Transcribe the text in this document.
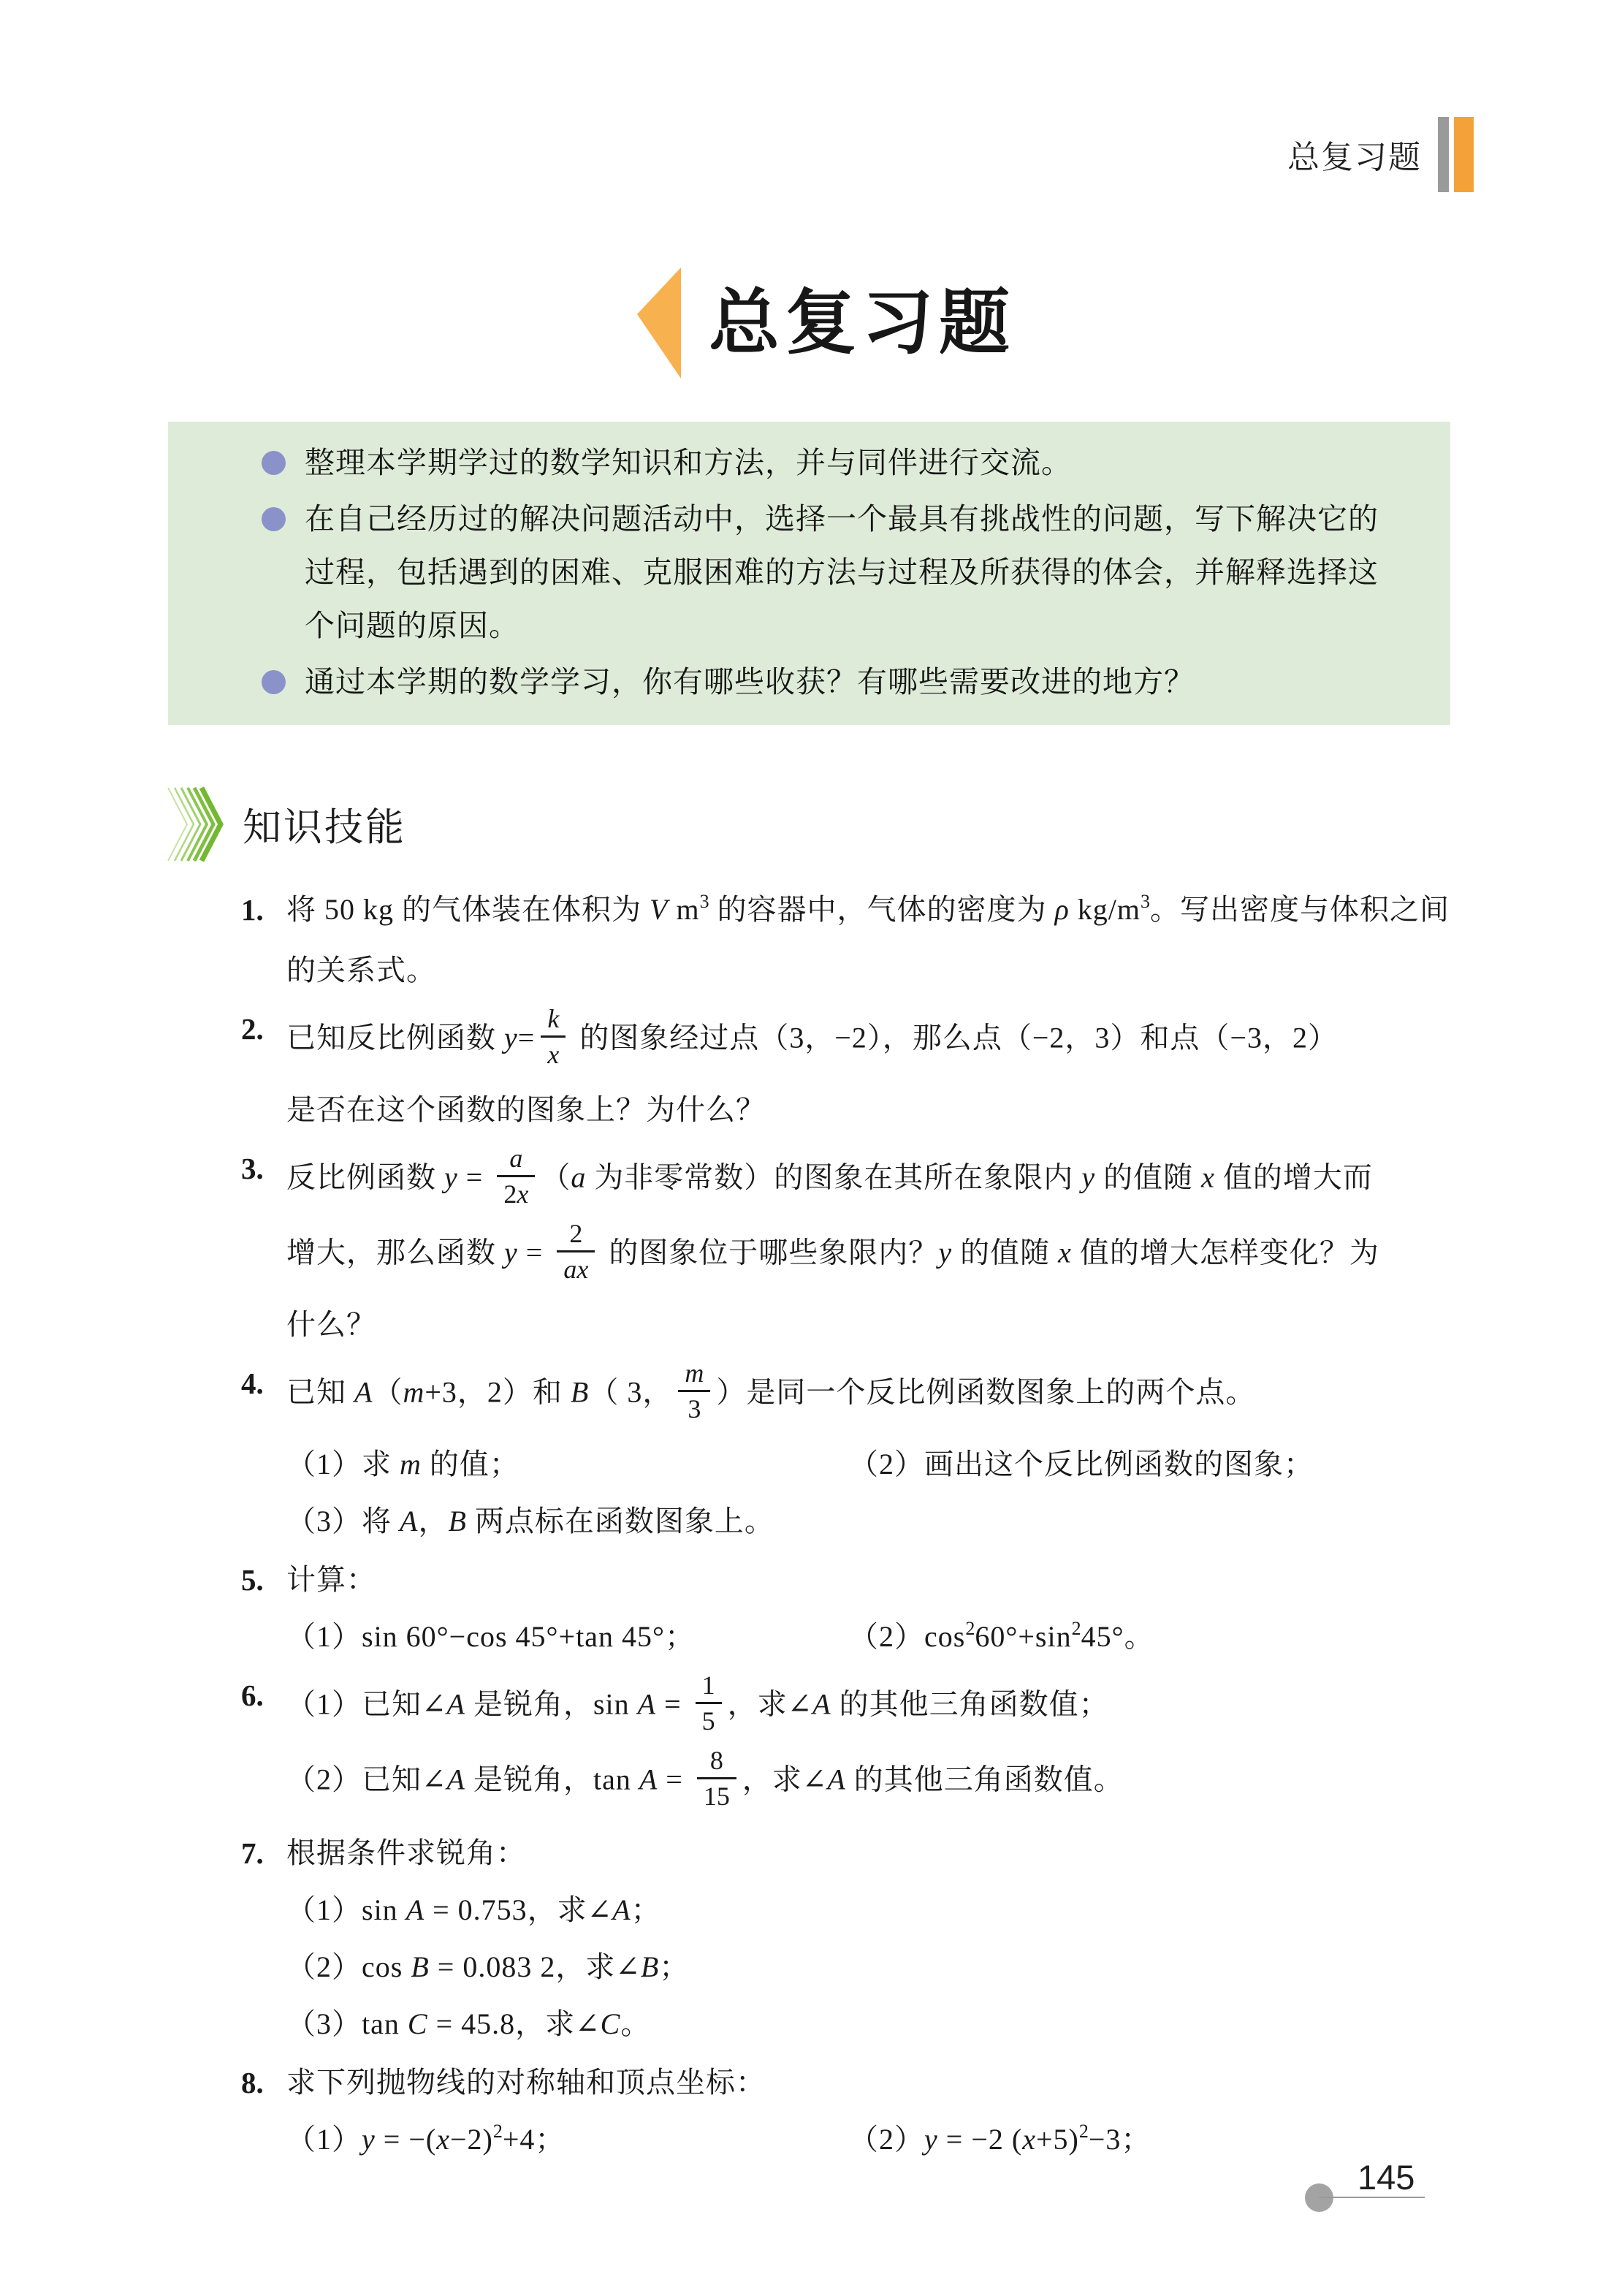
总复习题
总复习题
整理本学期学过的数学知识和方法，并与同伴进行交流。
在自己经历过的解决问题活动中，选择一个最具有挑战性的问题，写下解决它的过程，包括遇到的困难、克服困难的方法与过程及所获得的体会，并解释选择这个问题的原因。
通过本学期的数学学习，你有哪些收获？有哪些需要改进的地方？
知识技能
1. 将 50 kg 的气体装在体积为 V $m^3$ 的容器中，气体的密度为 ρ $kg/m^3$。写出密度与体积之间的关系式。
2. 已知反比例函数 $y= \frac{k}{x}$ 的图象经过点（3，−2），那么点（−2，3）和点（−3，2）
是否在这个函数的图象上？为什么？
3. 反比例函数 $y = \frac{a}{2x} (a$ 为非零常数）的图象在其所在象限内 y 的值随 x 值的增大而
增大，那么函数 $y = \frac{2}{ax}$ 的图象位于哪些象限内？y 的值随 x 值的增大怎样变化？为
什么？
4. 已知 A（m+3，2）和 B（ 3， $\frac{m}{3}$ ）是同一个反比例函数图象上的两个点。
（1）求 m 的值；	（2）画出这个反比例函数的图象；
（3）将 A，B 两点标在函数图象上。
5. 计算：
（1）sin 60°−cos 45°+tan 45°；	$(2)\cos^260^\circ+\sin^245^\circ$。
6. （1）已知∠A 是锐角，$\sin A = \frac{1}{5}$ ，求∠A 的其他三角函数值；
（2）已知∠A 是锐角，$\tan A = \frac{8}{15}$ ，求∠A 的其他三角函数值。
7. 根据条件求锐角：
（1）sin A = 0.753，求∠A；
（2）cos B = 0.083 2，求∠B；
（3）tan C = 45.8，求∠C。
8. 求下列抛物线的对称轴和顶点坐标：
$(1)y = -(x-2)^2+4$；	（2）y = −2 $(x+5)^2-3$；
145
